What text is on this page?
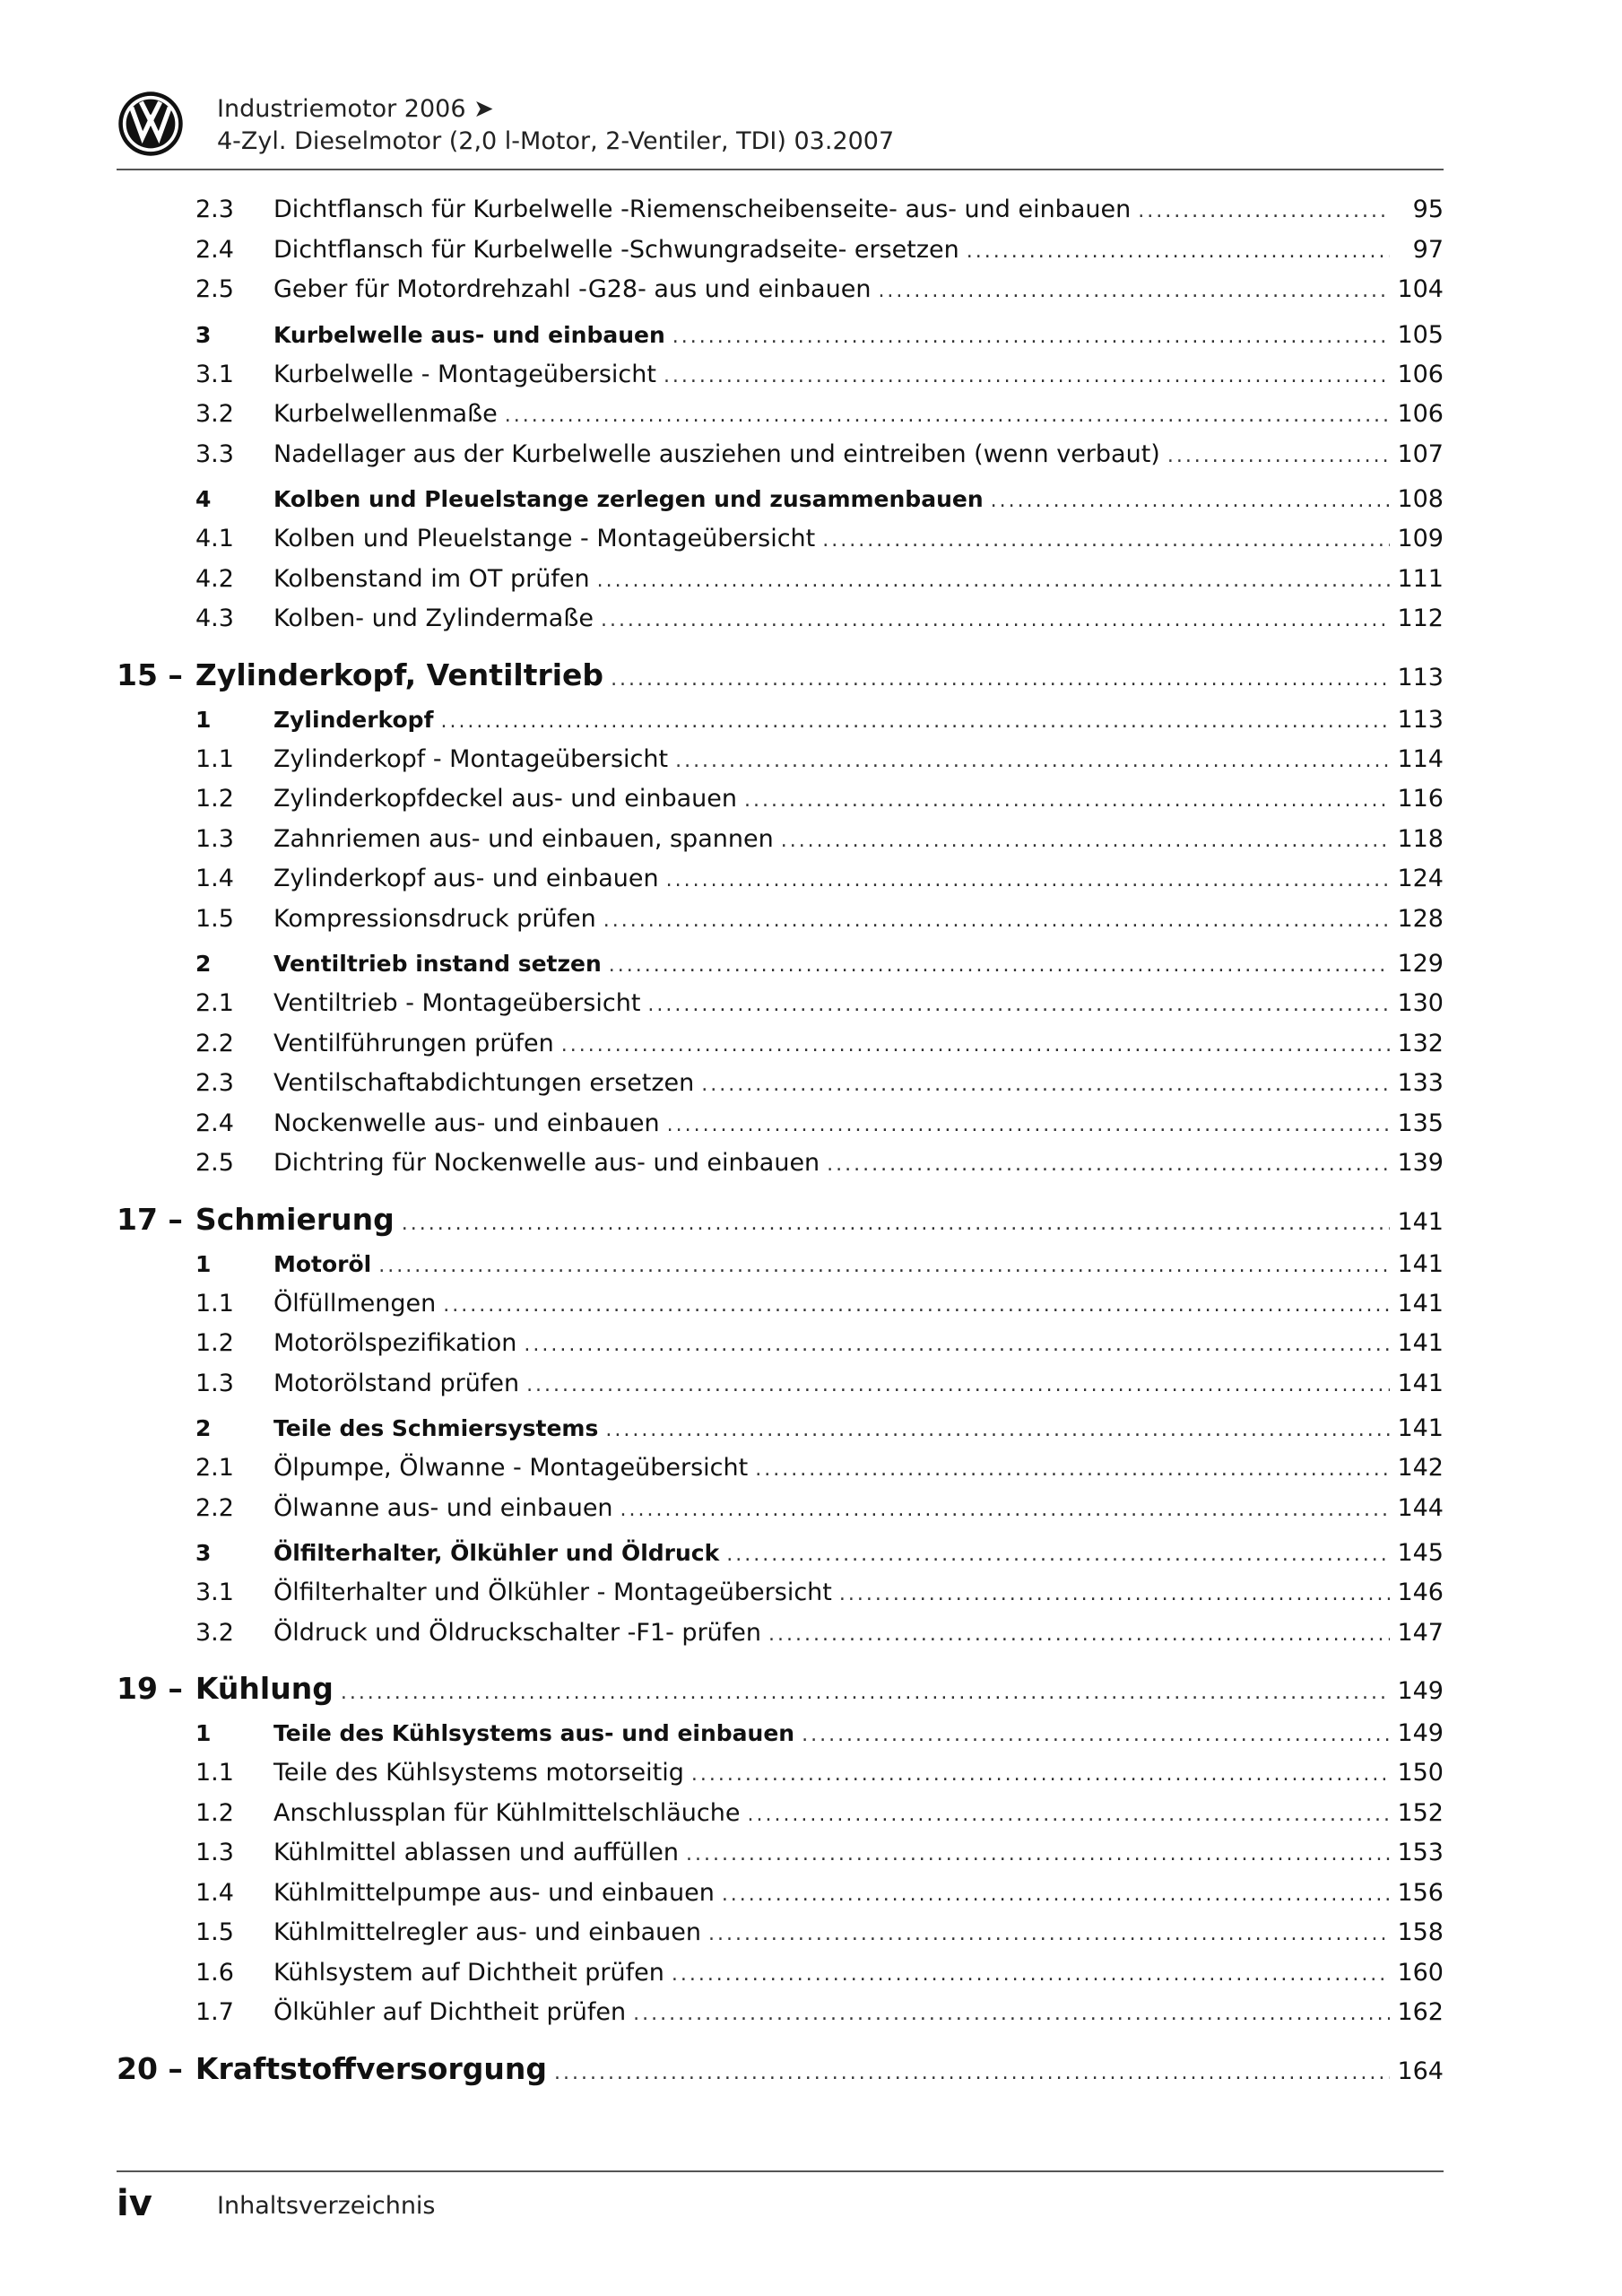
Industriemotor 2006 ➤
4-Zyl. Dieselmotor (2,0 l-Motor, 2-Ventiler, TDI) 03.2007
2.3	Dichtflansch für Kurbelwelle -Riemenscheibenseite- aus- und einbauen .....	95
2.4	Dichtflansch für Kurbelwelle -Schwungradseite- ersetzen .....	97
2.5	Geber für Motordrehzahl -G28- aus und einbauen .....	104
3	Kurbelwelle aus- und einbauen .....	105
3.1	Kurbelwelle - Montageübersicht .....	106
3.2	Kurbelwellenmaße .....	106
3.3	Nadellager aus der Kurbelwelle ausziehen und eintreiben (wenn verbaut) .....	107
4	Kolben und Pleuelstange zerlegen und zusammenbauen .....	108
4.1	Kolben und Pleuelstange - Montageübersicht .....	109
4.2	Kolbenstand im OT prüfen .....	111
4.3	Kolben- und Zylindermaße .....	112
15 – Zylinderkopf, Ventiltrieb .....	113
1	Zylinderkopf .....	113
1.1	Zylinderkopf - Montageübersicht .....	114
1.2	Zylinderkopfdeckel aus- und einbauen .....	116
1.3	Zahnriemen aus- und einbauen, spannen .....	118
1.4	Zylinderkopf aus- und einbauen .....	124
1.5	Kompressionsdruck prüfen .....	128
2	Ventiltrieb instand setzen .....	129
2.1	Ventiltrieb - Montageübersicht .....	130
2.2	Ventilführungen prüfen .....	132
2.3	Ventilschaftabdichtungen ersetzen .....	133
2.4	Nockenwelle aus- und einbauen .....	135
2.5	Dichtring für Nockenwelle aus- und einbauen .....	139
17 – Schmierung .....	141
1	Motoröl .....	141
1.1	Ölfüllmengen .....	141
1.2	Motorölspezifikation .....	141
1.3	Motorölstand prüfen .....	141
2	Teile des Schmiersystems .....	141
2.1	Ölpumpe, Ölwanne - Montageübersicht .....	142
2.2	Ölwanne aus- und einbauen .....	144
3	Ölfilterhalter, Ölkühler und Öldruck .....	145
3.1	Ölfilterhalter und Ölkühler - Montageübersicht .....	146
3.2	Öldruck und Öldruckschalter -F1- prüfen .....	147
19 – Kühlung .....	149
1	Teile des Kühlsystems aus- und einbauen .....	149
1.1	Teile des Kühlsystems motorseitig .....	150
1.2	Anschlussplan für Kühlmittelschläuche .....	152
1.3	Kühlmittel ablassen und auffüllen .....	153
1.4	Kühlmittelpumpe aus- und einbauen .....	156
1.5	Kühlmittelregler aus- und einbauen .....	158
1.6	Kühlsystem auf Dichtheit prüfen .....	160
1.7	Ölkühler auf Dichtheit prüfen .....	162
20 – Kraftstoffversorgung .....	164
iv	Inhaltsverzeichnis
